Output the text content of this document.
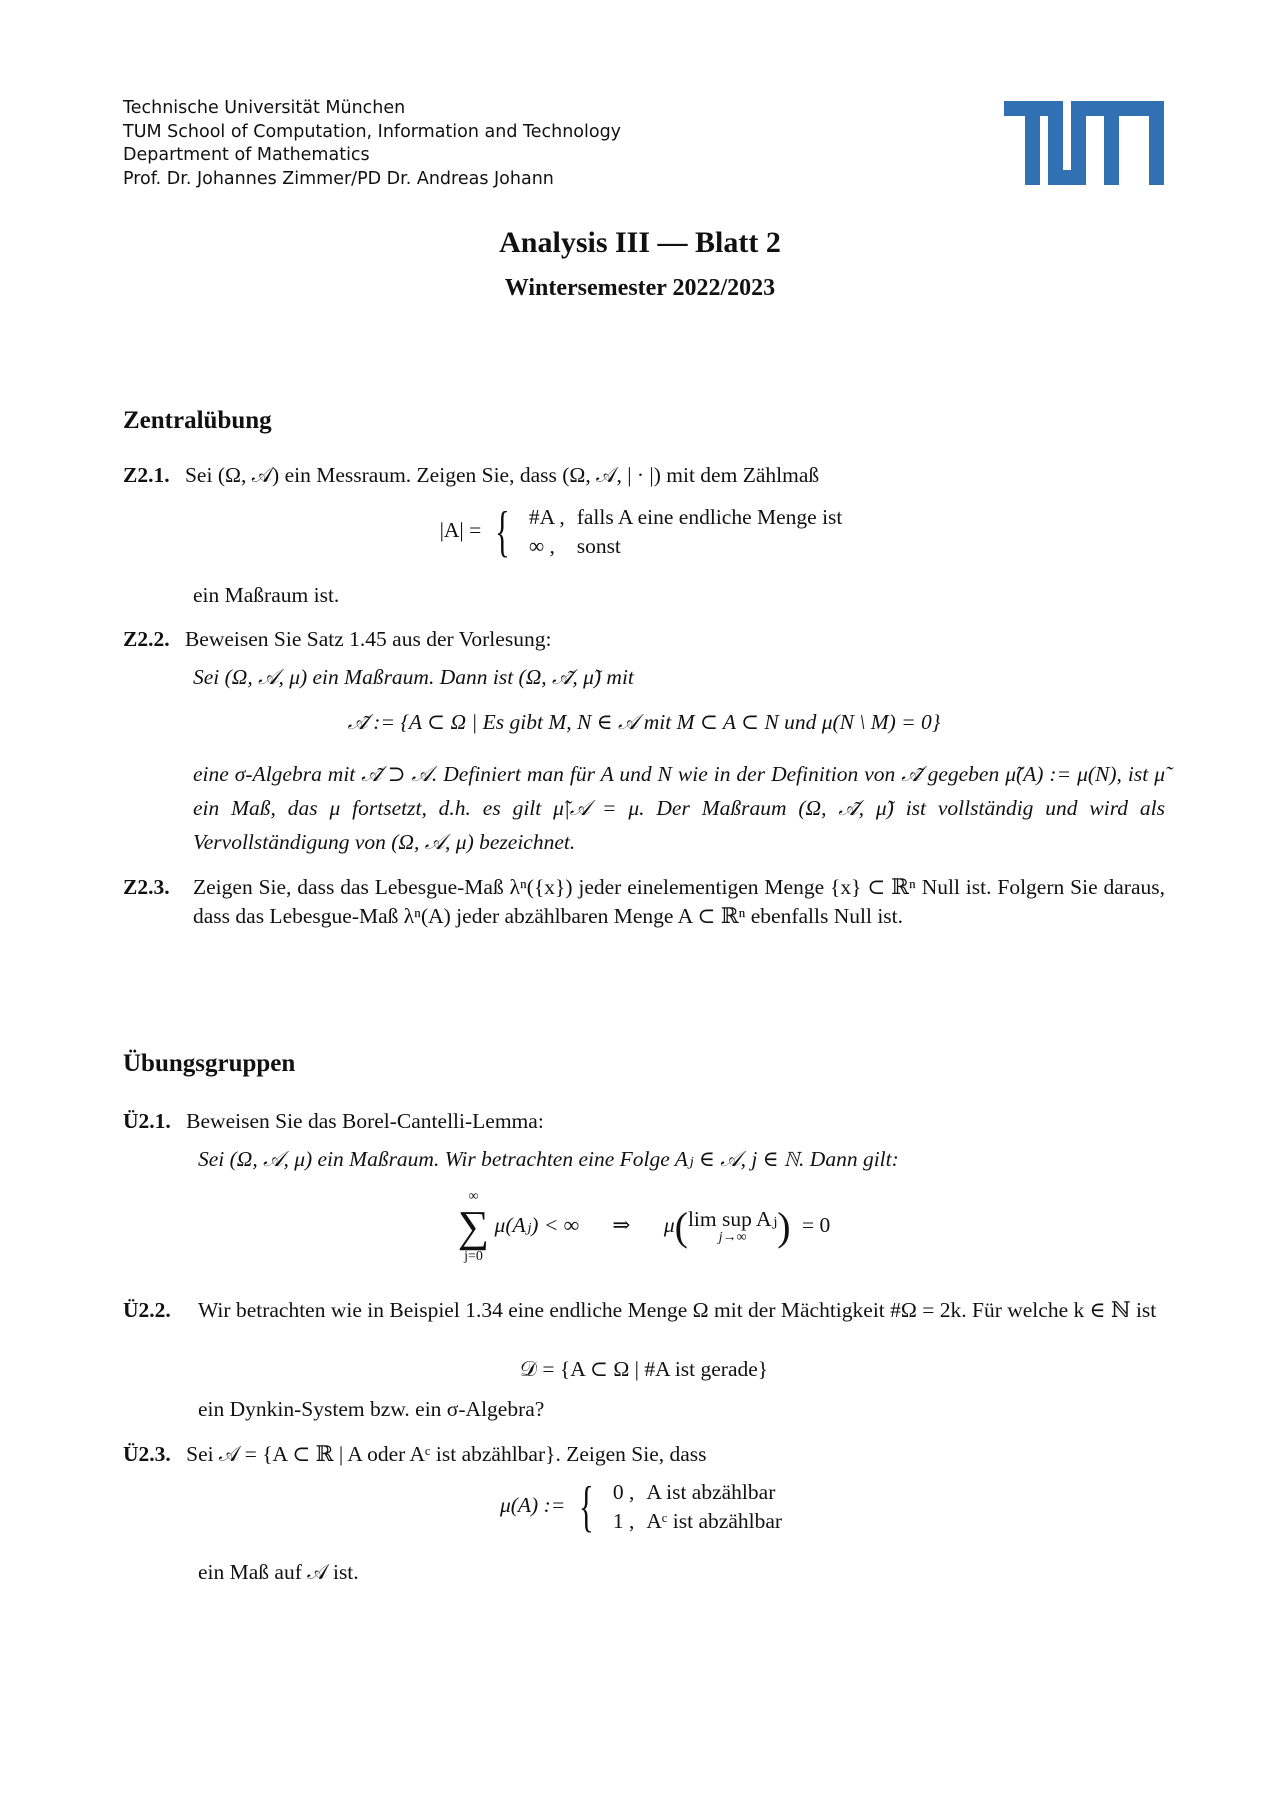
Technische Universität München
TUM School of Computation, Information and Technology
Department of Mathematics
Prof. Dr. Johannes Zimmer/PD Dr. Andreas Johann
Analysis III — Blatt 2
Wintersemester 2022/2023
Zentralübung
Z2.1. Sei (Ω, 𝒜) ein Messraum. Zeigen Sie, dass (Ω, 𝒜, | · |) mit dem Zählmaß
|A| = { #A ,	falls A eine endliche Menge ist
∞ ,	sonst
ein Maßraum ist.
Z2.2. Beweisen Sie Satz 1.45 aus der Vorlesung:
Sei (Ω, 𝒜, μ) ein Maßraum. Dann ist (Ω, 𝒜̃, μ̃) mit
𝒜̃ := {A ⊂ Ω | Es gibt M, N ∈ 𝒜 mit M ⊂ A ⊂ N und μ(N \ M) = 0}
eine σ-Algebra mit 𝒜̃ ⊃ 𝒜. Definiert man für A und N wie in der Definition von 𝒜̃ gegeben μ̃(A) := μ(N), ist μ̃ ein Maß, das μ fortsetzt, d.h. es gilt μ̃|𝒜 = μ. Der Maßraum (Ω, 𝒜̃, μ̃) ist vollständig und wird als Vervollständigung von (Ω, 𝒜, μ) bezeichnet.
Z2.3. Zeigen Sie, dass das Lebesgue-Maß λⁿ({x}) jeder einelementigen Menge {x} ⊂ ℝⁿ Null ist. Folgern Sie daraus, dass das Lebesgue-Maß λⁿ(A) jeder abzählbaren Menge A ⊂ ℝⁿ ebenfalls Null ist.
Übungsgruppen
Ü2.1. Beweisen Sie das Borel-Cantelli-Lemma:
Sei (Ω, 𝒜, μ) ein Maßraum. Wir betrachten eine Folge Aⱼ ∈ 𝒜, j ∈ ℕ. Dann gilt:
∞
∑
j=0
μ(Aⱼ) < ∞ ⇒ μ(lim sup Aⱼ
j→∞ ) = 0
Ü2.2. Wir betrachten wie in Beispiel 1.34 eine endliche Menge Ω mit der Mächtigkeit #Ω = 2k. Für welche k ∈ ℕ ist
𝒟 = {A ⊂ Ω | #A ist gerade}
ein Dynkin-System bzw. ein σ-Algebra?
Ü2.3. Sei 𝒜 = {A ⊂ ℝ | A oder Aᶜ ist abzählbar}. Zeigen Sie, dass
μ(A) := { 0 ,	A ist abzählbar
1 ,	Aᶜ ist abzählbar
ein Maß auf 𝒜 ist.
